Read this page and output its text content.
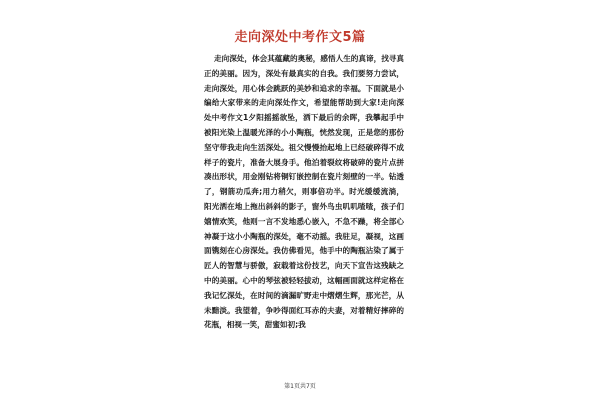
走向深处中考作文5篇

走向深处，体会其蕴藏的奥秘，感悟人生的真谛，找寻真正的美丽。因为，深处有最真实的自我。我们要努力尝试，走向深处，用心体会跳跃的美妙和追求的幸福。下面就是小编给大家带来的走向深处作文，希望能帮助到大家!走向深处中考作文1夕阳摇摇欲坠，洒下最后的余晖，我攀起手中被阳光染上温暖光泽的小小陶瓶，恍然发现，正是您的那份坚守带我走向生活深处。祖父慢慢抬起地上已经破碎得不成样子的瓷片，准备大展身手。他泊着裂纹将破碎的瓷片点拼凑出形状，用金刚钻将铜钉嵌控制在瓷片刻壁的一半。钻透了，钢箭功瓜奔;用力稍欠，则事倍功半。时光缓缓流淌，阳光洒在地上拖出斜斜的影子，窗外鸟虫叽叽喳喳，孩子们嬉情欢笑，他则一言不发地悉心嵌入，不急不躁，将全部心神凝于这小小陶瓶的深处，毫不动摇。我驻足，凝视，这画面镌刻在心房深处。我仿佛看见，他手中的陶瓶沾染了属于匠人的智慧与骄傲，寂载着这份技艺，向天下宣告这残缺之中的美丽。心中的琴弦被轻轻拔动，这幅画面就这样定格在我记忆深处，在时间的滴漏旷野走中熠熠生辉，那光芒，从未黯淡。我望着，争吵得面红耳赤的夫妻，对着精好摔碎的花瓶，相视一笑，甜蜜如初;我

第1页共7页
